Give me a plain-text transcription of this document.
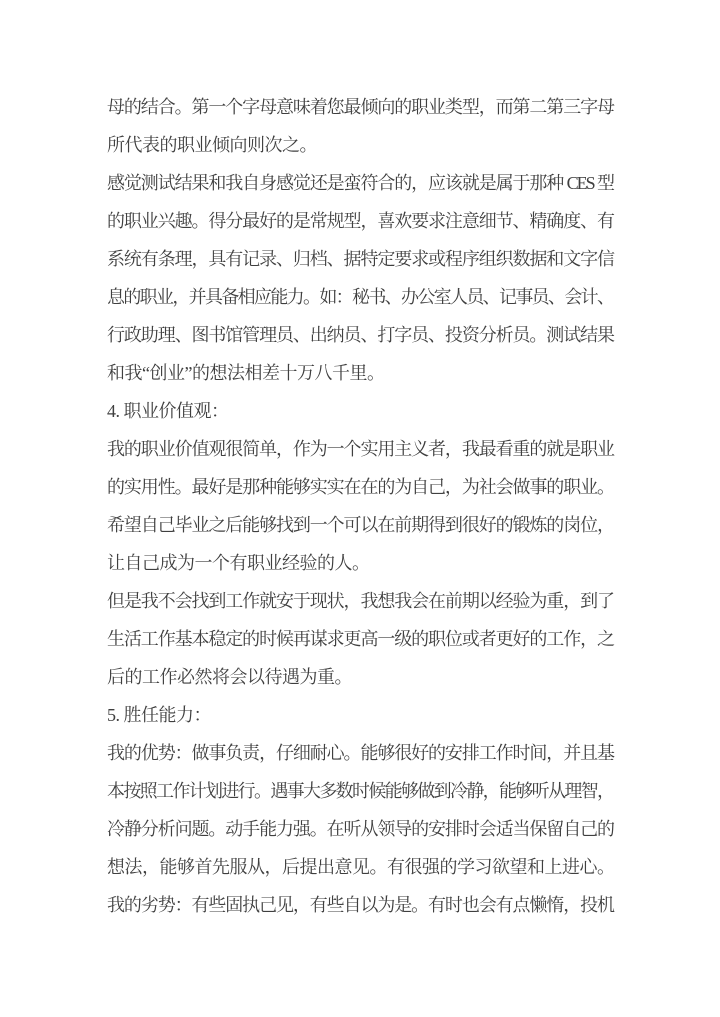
母的结合。第一个字母意味着您最倾向的职业类型，而第二第三字母
所代表的职业倾向则次之。
感觉测试结果和我自身感觉还是蛮符合的，应该就是属于那种 CES 型
的职业兴趣。得分最好的是常规型，喜欢要求注意细节、精确度、有
系统有条理，具有记录、归档、据特定要求或程序组织数据和文字信
息的职业，并具备相应能力。如：秘书、办公室人员、记事员、会计、
行政助理、图书馆管理员、出纳员、打字员、投资分析员。测试结果
和我“创业”的想法相差十万八千里。
4. 职业价值观：
我的职业价值观很简单，作为一个实用主义者，我最看重的就是职业
的实用性。最好是那种能够实实在在的为自己，为社会做事的职业。
希望自己毕业之后能够找到一个可以在前期得到很好的锻炼的岗位，
让自己成为一个有职业经验的人。
但是我不会找到工作就安于现状，我想我会在前期以经验为重，到了
生活工作基本稳定的时候再谋求更高一级的职位或者更好的工作，之
后的工作必然将会以待遇为重。
5. 胜任能力：
我的优势：做事负责，仔细耐心。能够很好的安排工作时间，并且基
本按照工作计划进行。遇事大多数时候能够做到冷静，能够听从理智，
冷静分析问题。动手能力强。在听从领导的安排时会适当保留自己的
想法，能够首先服从，后提出意见。有很强的学习欲望和上进心。
我的劣势：有些固执己见，有些自以为是。有时也会有点懒惰，投机
